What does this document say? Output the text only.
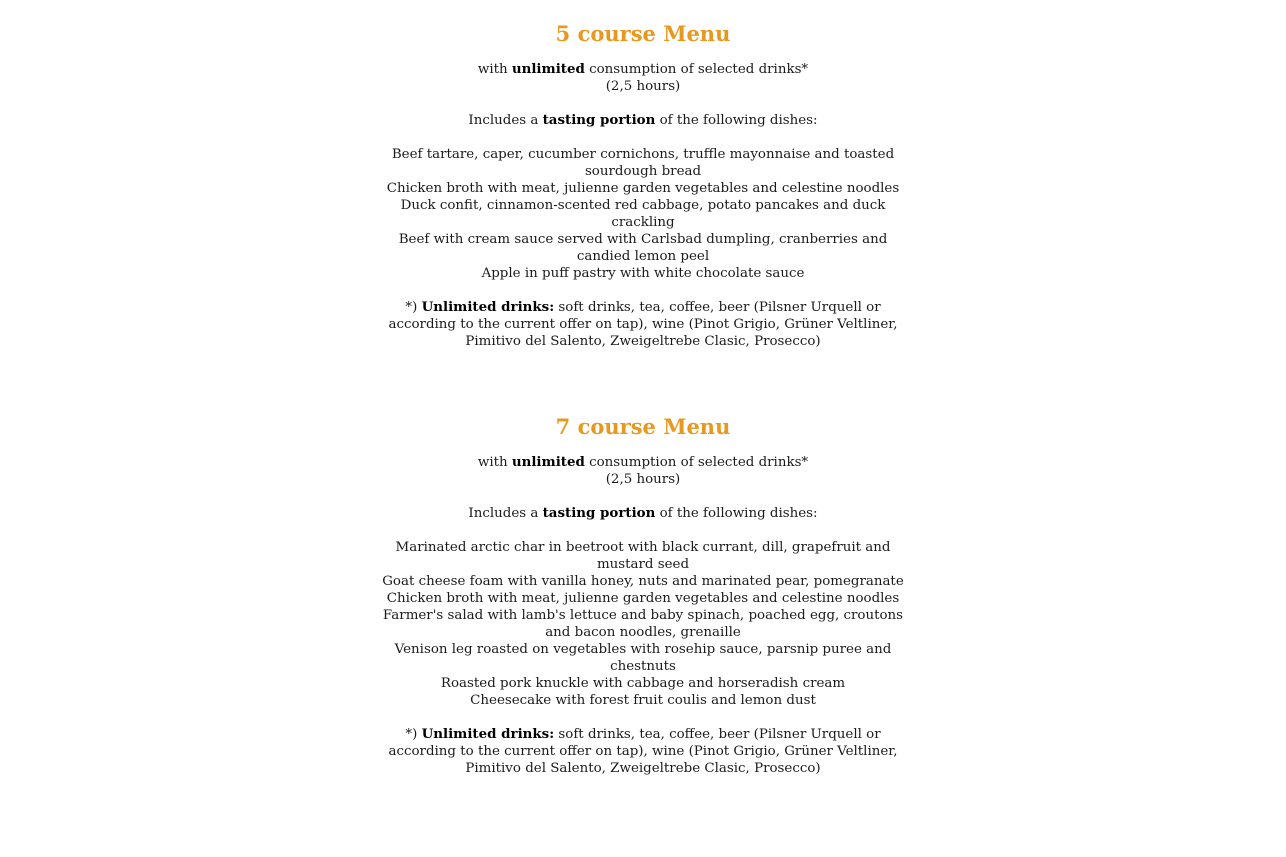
5 course Menu
with unlimited consumption of selected drinks*
(2,5 hours)
Includes a tasting portion of the following dishes:
Beef tartare, caper, cucumber cornichons, truffle mayonnaise and toasted sourdough bread
Chicken broth with meat, julienne garden vegetables and celestine noodles
Duck confit, cinnamon-scented red cabbage, potato pancakes and duck crackling
Beef with cream sauce served with Carlsbad dumpling, cranberries and candied lemon peel
Apple in puff pastry with white chocolate sauce
*) Unlimited drinks: soft drinks, tea, coffee, beer (Pilsner Urquell or according to the current offer on tap), wine (Pinot Grigio, Grüner Veltliner, Pimitivo del Salento, Zweigeltrebe Clasic, Prosecco)
7 course Menu
with unlimited consumption of selected drinks*
(2,5 hours)
Includes a tasting portion of the following dishes:
Marinated arctic char in beetroot with black currant, dill, grapefruit and mustard seed
Goat cheese foam with vanilla honey, nuts and marinated pear, pomegranate
Chicken broth with meat, julienne garden vegetables and celestine noodles
Farmer's salad with lamb's lettuce and baby spinach, poached egg, croutons and bacon noodles, grenaille
Venison leg roasted on vegetables with rosehip sauce, parsnip puree and chestnuts
Roasted pork knuckle with cabbage and horseradish cream
Cheesecake with forest fruit coulis and lemon dust
*) Unlimited drinks: soft drinks, tea, coffee, beer (Pilsner Urquell or according to the current offer on tap), wine (Pinot Grigio, Grüner Veltliner, Pimitivo del Salento, Zweigeltrebe Clasic, Prosecco)
